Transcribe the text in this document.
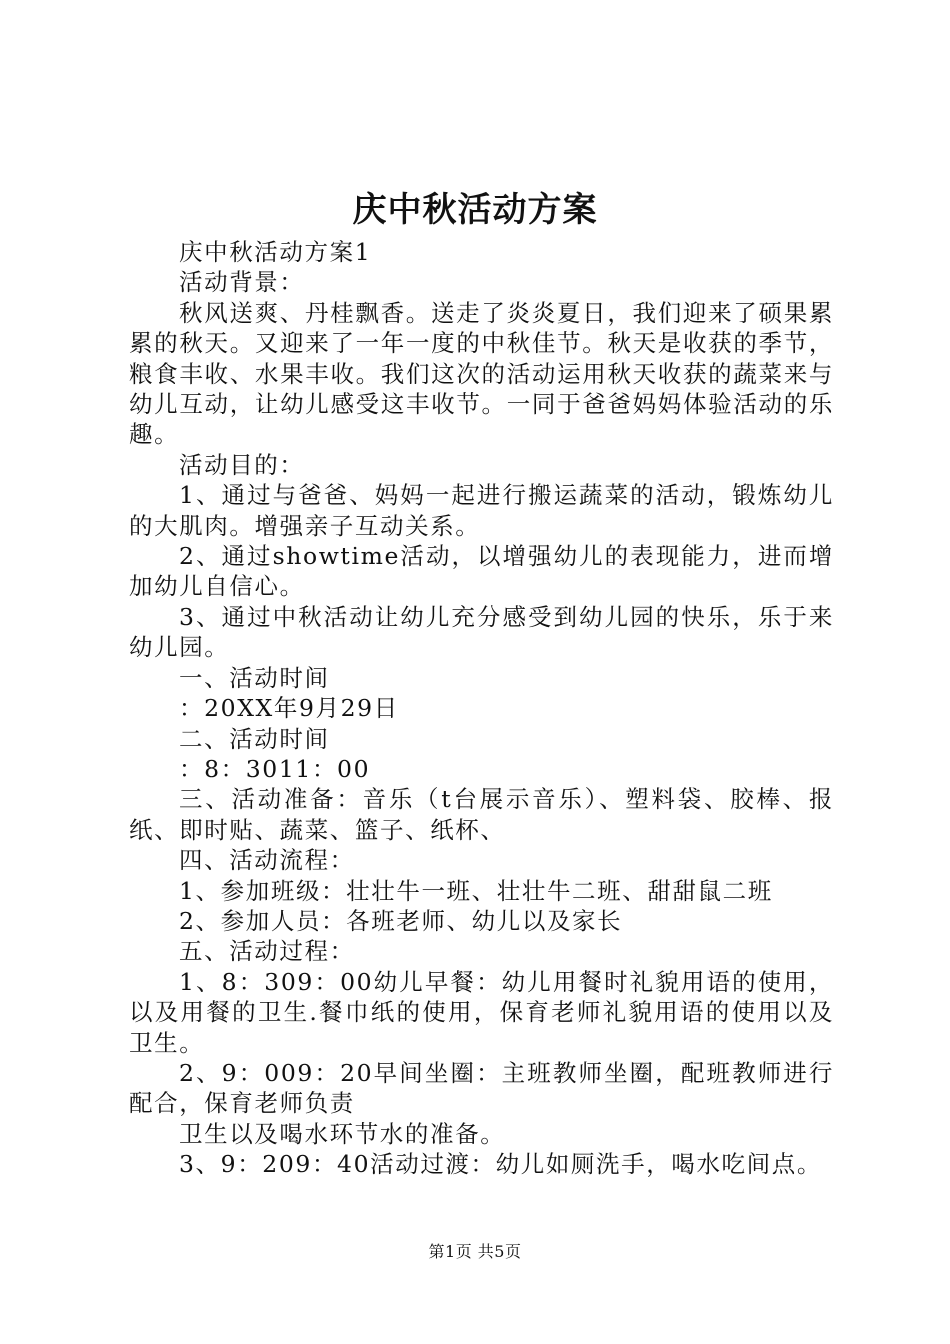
庆中秋活动方案

庆中秋活动方案1

活动背景：

秋风送爽、丹桂飘香。送走了炎炎夏日，我们迎来了硕果累累的秋天。又迎来了一年一度的中秋佳节。秋天是收获的季节，粮食丰收、水果丰收。我们这次的活动运用秋天收获的蔬菜来与幼儿互动，让幼儿感受这丰收节。一同于爸爸妈妈体验活动的乐趣。

活动目的：

1、通过与爸爸、妈妈一起进行搬运蔬菜的活动，锻炼幼儿的大肌肉。增强亲子互动关系。

2、通过showtime活动，以增强幼儿的表现能力，进而增加幼儿自信心。

3、通过中秋活动让幼儿充分感受到幼儿园的快乐，乐于来幼儿园。

一、活动时间

：20XX年9月29日

二、活动时间

：8：3011：00

三、活动准备：音乐（t台展示音乐）、塑料袋、胶棒、报纸、即时贴、蔬菜、篮子、纸杯、

四、活动流程：

1、参加班级：壮壮牛一班、壮壮牛二班、甜甜鼠二班

2、参加人员：各班老师、幼儿以及家长

五、活动过程：

1、8：309：00幼儿早餐：幼儿用餐时礼貌用语的使用，以及用餐的卫生.餐巾纸的使用，保育老师礼貌用语的使用以及卫生。

2、9：009：20早间坐圈：主班教师坐圈，配班教师进行配合，保育老师负责

卫生以及喝水环节水的准备。

3、9：209：40活动过渡：幼儿如厕洗手，喝水吃间点。

第1页 共5页
